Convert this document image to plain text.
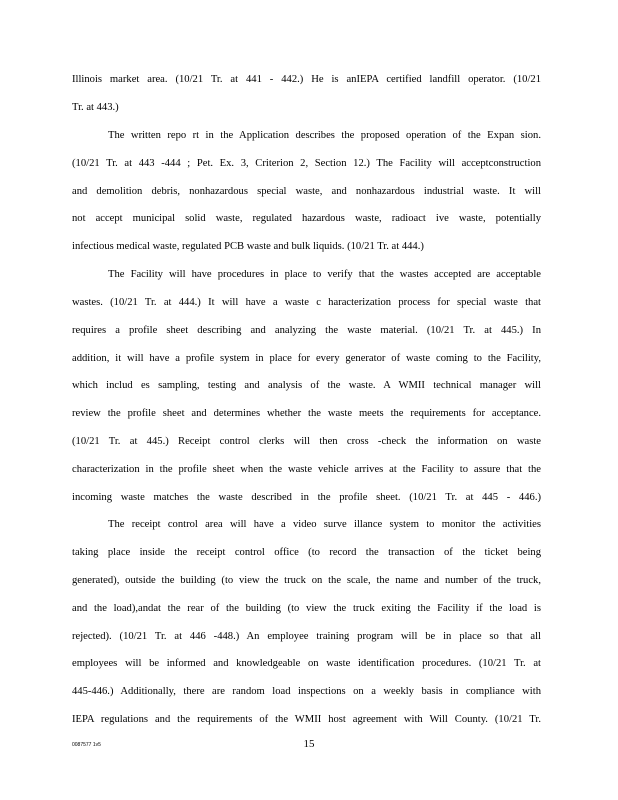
Illinois market area. (10/21 Tr. at 441 - 442.) He is anIEPA certified landfill operator. (10/21
Tr. at 443.)
The written repo rt in the Application describes the proposed operation of the Expan sion.
(10/21 Tr. at 443 -444 ; Pet. Ex. 3, Criterion 2, Section 12.) The Facility will acceptconstruction
and demolition debris, nonhazardous special waste, and nonhazardous industrial waste. It will
not accept municipal solid waste, regulated hazardous waste, radioact ive waste, potentially
infectious medical waste, regulated PCB waste and bulk liquids. (10/21 Tr. at 444.)
The Facility will have procedures in place to verify that the wastes accepted are acceptable
wastes. (10/21 Tr. at 444.) It will have a waste c haracterization process for special waste that
requires a profile sheet describing and analyzing the waste material. (10/21 Tr. at 445.) In
addition, it will have a profile system in place for every generator of waste coming to the Facility,
which includ es sampling, testing and analysis of the waste. A WMII technical manager will
review the profile sheet and determines whether the waste meets the requirements for acceptance.
(10/21 Tr. at 445.) Receipt control clerks will then cross -check the information on waste
characterization in the profile sheet when the waste vehicle arrives at the Facility to assure that the
incoming waste matches the waste described in the profile sheet. (10/21 Tr. at 445 - 446.)
The receipt control area will have a video surve illance system to monitor the activities
taking place inside the receipt control office (to record the transaction of the ticket being
generated), outside the building (to view the truck on the scale, the name and number of the truck,
and the load),andat the rear of the building (to view the truck exiting the Facility if the load is
rejected). (10/21 Tr. at 446 -448.) An employee training program will be in place so that all
employees will be informed and knowledgeable on waste identification procedures. (10/21 Tr. at
445-446.) Additionally, there are random load inspections on a weekly basis in compliance with
IEPA regulations and the requirements of the WMII host agreement with Will County. (10/21 Tr.
0087577 1v5	15
